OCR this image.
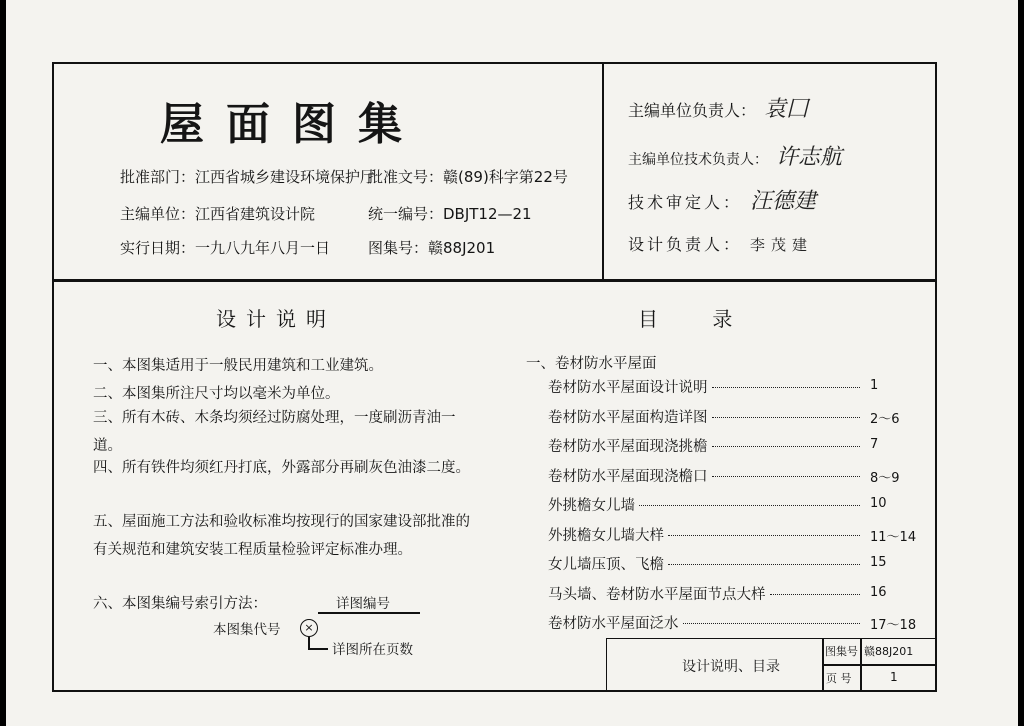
屋面图集
批准部门：江西省城乡建设环境保护厅
批准文号：赣(89)科字第22号
主编单位：江西省建筑设计院	统一编号：DBJT12—21
实行日期：一九八九年八月一日	图集号：赣88J201
主编单位负责人： 袁囗
主编单位技术负责人： 许志航
技术审定人： 汪德建
设计负责人： 李茂建
设计说明
一、本图集适用于一般民用建筑和工业建筑。
二、本图集所注尺寸均以毫米为单位。
三、所有木砖、木条均须经过防腐处理，一度刷沥青油一道。
四、所有铁件均须红丹打底，外露部分再刷灰色油漆二度。
五、屋面施工方法和验收标准均按现行的国家建设部批准的有关规范和建筑安装工程质量检验评定标准办理。
六、本图集编号索引方法：	详图编号
本图集代号	×
详图所在页数
目 录
一、卷材防水平屋面
卷材防水平屋面设计说明	1
卷材防水平屋面构造详图	2～6
卷材防水平屋面现浇挑檐	7
卷材防水平屋面现浇檐口	8～9
外挑檐女儿墙	10
外挑檐女儿墙大样	11～14
女儿墙压顶、飞檐	15
马头墙、卷材防水平屋面节点大样	16
卷材防水平屋面泛水	17～18
设计说明、目录
图集号 赣88J201
页 号	1
